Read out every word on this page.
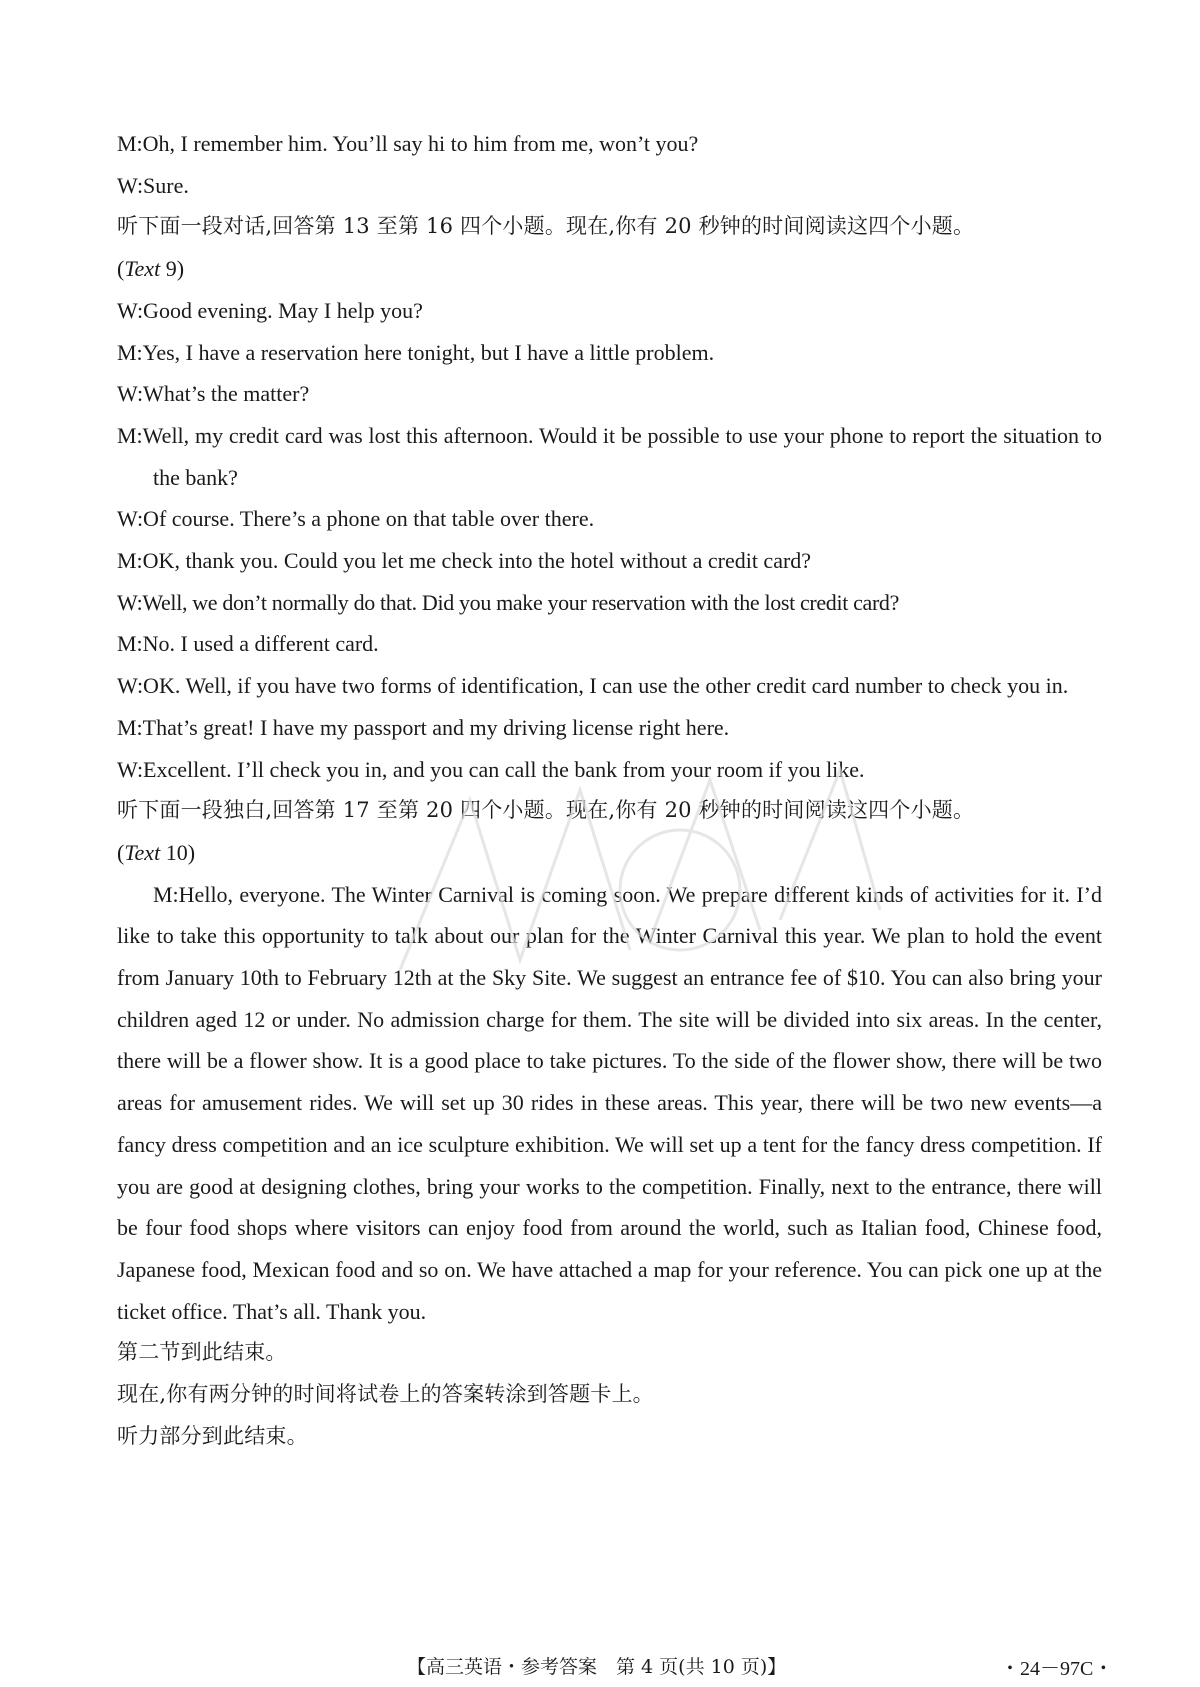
M:Oh, I remember him. You’ll say hi to him from me, won’t you?

W:Sure.

听下面一段对话,回答第 13 至第 16 四个小题。现在,你有 20 秒钟的时间阅读这四个小题。

(Text 9)

W:Good evening. May I help you?

M:Yes, I have a reservation here tonight, but I have a little problem.

W:What’s the matter?

M:Well, my credit card was lost this afternoon. Would it be possible to use your phone to report the situation to the bank?

W:Of course. There’s a phone on that table over there.

M:OK, thank you. Could you let me check into the hotel without a credit card?

W:Well, we don’t normally do that. Did you make your reservation with the lost credit card?

M:No. I used a different card.

W:OK. Well, if you have two forms of identification, I can use the other credit card number to check you in.

M:That’s great! I have my passport and my driving license right here.

W:Excellent. I’ll check you in, and you can call the bank from your room if you like.

听下面一段独白,回答第 17 至第 20 四个小题。现在,你有 20 秒钟的时间阅读这四个小题。

(Text 10)

M:Hello, everyone. The Winter Carnival is coming soon. We prepare different kinds of activities for it. I’d like to take this opportunity to talk about our plan for the Winter Carnival this year. We plan to hold the event from January 10th to February 12th at the Sky Site. We suggest an entrance fee of $10. You can also bring your children aged 12 or under. No admission charge for them. The site will be divided into six areas. In the center, there will be a flower show. It is a good place to take pictures. To the side of the flower show, there will be two areas for amusement rides. We will set up 30 rides in these areas. This year, there will be two new events—a fancy dress competition and an ice sculpture exhibition. We will set up a tent for the fancy dress competition. If you are good at designing clothes, bring your works to the competition. Finally, next to the entrance, there will be four food shops where visitors can enjoy food from around the world, such as Italian food, Chinese food, Japanese food, Mexican food and so on. We have attached a map for your reference. You can pick one up at the ticket office. That’s all. Thank you.

第二节到此结束。

现在,你有两分钟的时间将试卷上的答案转涂到答题卡上。

听力部分到此结束。

【高三英语・参考答案　第 4 页(共 10 页)】	・24－97C・
